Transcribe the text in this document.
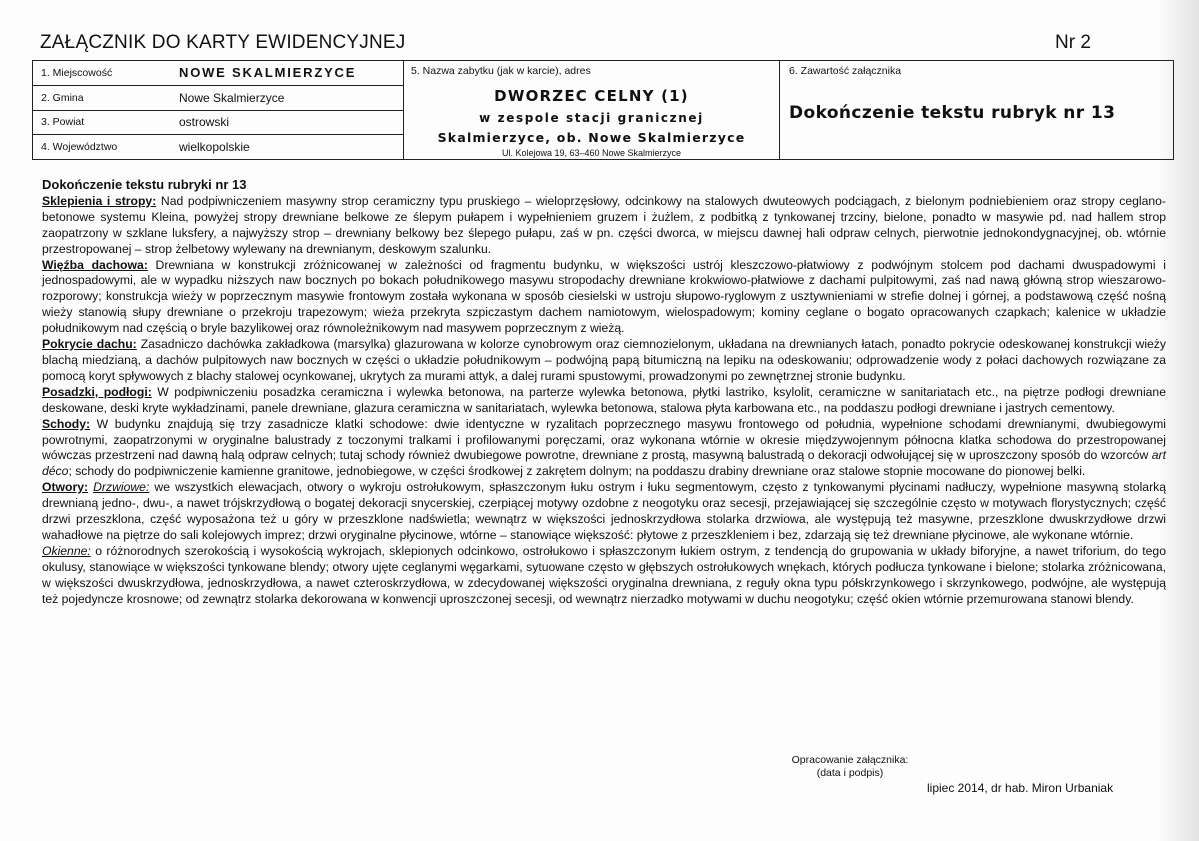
ZAŁĄCZNIK DO KARTY EWIDENCYJNEJ	Nr 2
1. Miejscowość	NOWE SKALMIERZYCE
2. Gmina	Nowe Skalmierzyce
3. Powiat	ostrowski
4. Województwo	wielkopolskie
5. Nazwa zabytku (jak w karcie), adres
DWORZEC CELNY (1)
w zespole stacji granicznej
Skalmierzyce, ob. Nowe Skalmierzyce
Ul. Kolejowa 19, 63–460 Nowe Skalmierzyce
6. Zawartość załącznika
Dokończenie tekstu rubryk nr 13
Dokończenie tekstu rubryki nr 13

Sklepienia i stropy: Nad podpiwniczeniem masywny strop ceramiczny typu pruskiego – wieloprzęsłowy, odcinkowy na stalowych dwuteowych podciągach, z bielonym podniebieniem oraz stropy ceglano-betonowe systemu Kleina, powyżej stropy drewniane belkowe ze ślepym pułapem i wypełnieniem gruzem i żużlem, z podbitką z tynkowanej trzciny, bielone, ponadto w masywie pd. nad hallem strop zaopatrzony w szklane luksfery, a najwyższy strop – drewniany belkowy bez ślepego pułapu, zaś w pn. części dworca, w miejscu dawnej hali odpraw celnych, pierwotnie jednokondygnacyjnej, ob. wtórnie przestropowanej – strop żelbetowy wylewany na drewnianym, deskowym szalunku.

Więźba dachowa: Drewniana w konstrukcji zróżnicowanej w zależności od fragmentu budynku, w większości ustrój kleszczowo-płatwiowy z podwójnym stolcem pod dachami dwuspadowymi i jednospadowymi, ale w wypadku niższych naw bocznych po bokach południkowego masywu stropodachy drewniane krokwiowo-płatwiowe z dachami pulpitowymi, zaś nad nawą główną strop wieszarowo-rozporowy; konstrukcja wieży w poprzecznym masywie frontowym została wykonana w sposób ciesielski w ustroju słupowo-ryglowym z usztywnieniami w strefie dolnej i górnej, a podstawową część nośną wieży stanowią słupy drewniane o przekroju trapezowym; wieża przekryta szpiczastym dachem namiotowym, wielospadowym; kominy ceglane o bogato opracowanych czapkach; kalenice w układzie południkowym nad częścią o bryle bazylikowej oraz równoleżnikowym nad masywem poprzecznym z wieżą.

Pokrycie dachu: Zasadniczo dachówka zakładkowa (marsylka) glazurowana w kolorze cynobrowym oraz ciemnozielonym, układana na drewnianych łatach, ponadto pokrycie odeskowanej konstrukcji wieży blachą miedzianą, a dachów pulpitowych naw bocznych w części o układzie południkowym – podwójną papą bitumiczną na lepiku na odeskowaniu; odprowadzenie wody z połaci dachowych rozwiązane za pomocą koryt spływowych z blachy stalowej ocynkowanej, ukrytych za murami attyk, a dalej rurami spustowymi, prowadzonymi po zewnętrznej stronie budynku.

Posadzki, podłogi: W podpiwniczeniu posadzka ceramiczna i wylewka betonowa, na parterze wylewka betonowa, płytki lastriko, ksylolit, ceramiczne w sanitariatach etc., na piętrze podłogi drewniane deskowane, deski kryte wykładzinami, panele drewniane, glazura ceramiczna w sanitariatach, wylewka betonowa, stalowa płyta karbowana etc., na poddaszu podłogi drewniane i jastrych cementowy.

Schody: W budynku znajdują się trzy zasadnicze klatki schodowe: dwie identyczne w ryzalitach poprzecznego masywu frontowego od południa, wypełnione schodami drewnianymi, dwubiegowymi powrotnymi, zaopatrzonymi w oryginalne balustrady z toczonymi tralkami i profilowanymi poręczami, oraz wykonana wtórnie w okresie międzywojennym północna klatka schodowa do przestropowanej wówczas przestrzeni nad dawną halą odpraw celnych; tutaj schody również dwubiegowe powrotne, drewniane z prostą, masywną balustradą o dekoracji odwołującej się w uproszczony sposób do wzorców art déco; schody do podpiwniczenie kamienne granitowe, jednobiegowe, w części środkowej z zakrętem dolnym; na poddaszu drabiny drewniane oraz stalowe stopnie mocowane do pionowej belki.

Otwory: Drzwiowe: we wszystkich elewacjach, otwory o wykroju ostrołukowym, spłaszczonym łuku ostrym i łuku segmentowym, często z tynkowanymi płycinami nadłuczy, wypełnione masywną stolarką drewnianą jedno-, dwu-, a nawet trójskrzydłową o bogatej dekoracji snycerskiej, czerpiącej motywy ozdobne z neogotyku oraz secesji, przejawiającej się szczególnie często w motywach florystycznych; część drzwi przeszklona, część wyposażona też u góry w przeszklone nadświetla; wewnątrz w większości jednoskrzydłowa stolarka drzwiowa, ale występują też masywne, przeszklone dwuskrzydłowe drzwi wahadłowe na piętrze do sali kolejowych imprez; drzwi oryginalne płycinowe, wtórne – stanowiące większość: płytowe z przeszkleniem i bez, zdarzają się też drewniane płycinowe, ale wykonane wtórnie.

Okienne: o różnorodnych szerokością i wysokością wykrojach, sklepionych odcinkowo, ostrołukowo i spłaszczonym łukiem ostrym, z tendencją do grupowania w układy biforyjne, a nawet triforium, do tego okulusy, stanowiące w większości tynkowane blendy; otwory ujęte ceglanymi węgarkami, sytuowane często w głębszych ostrołukowych wnękach, których podłucza tynkowane i bielone; stolarka zróżnicowana, w większości dwuskrzydłowa, jednoskrzydłowa, a nawet czteroskrzydłowa, w zdecydowanej większości oryginalna drewniana, z reguły okna typu półskrzynkowego i skrzynkowego, podwójne, ale występują też pojedyncze krosnowe; od zewnątrz stolarka dekorowana w konwencji uproszczonej secesji, od wewnątrz nierzadko motywami w duchu neogotyku; część okien wtórnie przemurowana stanowi blendy.

Opracowanie załącznika:
(data i podpis)
lipiec 2014, dr hab. Miron Urbaniak
